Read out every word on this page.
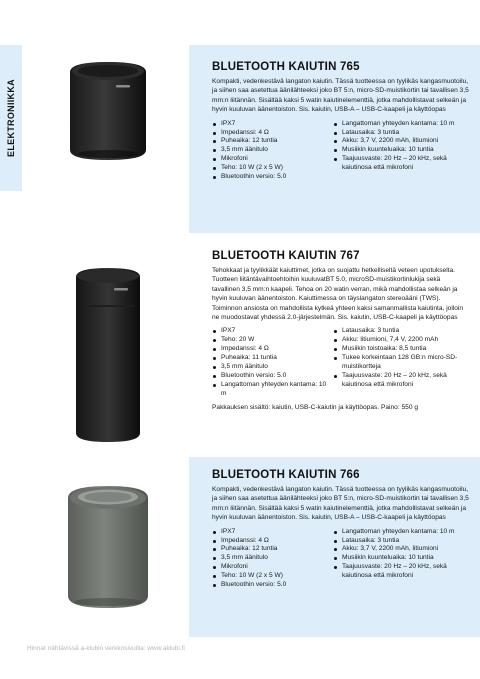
ELEKTRONIIKKA
BLUETOOTH KAIUTIN 765

Kompakti, vedenkestävä langaton kaiutin. Tässä tuotteessa on tyylikäs kangasmuotoilu, ja siihen saa asetettua äänilähteeksi joko BT 5:n, micro-SD-muistikortin tai tavallisen 3,5 mm:n liitännän. Sisältää kaksi 5 watin kaiutinelementtiä, jotka mahdollistavat selkeän ja hyvin kuuluvan äänentoiston. Sis. kaiutin, USB-A – USB-C-kaapeli ja käyttöopas

IPX7
Impedanssi: 4 Ω
Puheaika: 12 tuntia
3,5 mm äänitulo
Mikrofoni
Teho: 10 W (2 x 5 W)
Bluetoothin versio: 5.0
Langattoman yhteyden kantama: 10 m
Latausaika: 3 tuntia
Akku: 3,7 V, 2200 mAh, litiumioni
Musiikin kuunteluaika: 10 tuntia
Taajuusvaste: 20 Hz – 20 kHz, sekä kaiutinosa että mikrofoni
BLUETOOTH KAIUTIN 767

Tehokkaat ja tyylikkäät kaiuttimet, jotka on suojattu hetkelliseltä veteen upotukselta. Tuotteen liitäntävaihtoehtoihin kuuluvatBT 5.0, microSD-muistikortinlukija sekä tavallinen 3,5 mm:n kaapeli. Tehoa on 20 watin verran, mikä mahdollistaa selkeän ja hyvin kuuluvan äänentoiston. Kaiuttimessa on täyslangaton stereoääni (TWS). Toiminnon ansiosta on mahdollista kytkeä yhteen kaksi samanmallista kaiutinta, jolloin ne muodostavat yhdessä 2.0-järjestelmän. Sis. kaiutin, USB-C-kaapeli ja käyttöopas

IPX7
Teho: 20 W
Impedanssi: 4 Ω
Puheaika: 11 tuntia
3,5 mm äänitulo
Bluetoothin versio: 5.0
Langattoman yhteyden kantama: 10 m
Latausaika: 3 tuntia
Akku: litiumioni, 7,4 V, 2200 mAh
Musiikin toistoaika: 8,5 tuntia
Tukee korkeintaan 128 GB:n micro-SD-muistikortteja
Taajuusvaste: 20 Hz – 20 kHz, sekä kaiutinosa että mikrofoni
Pakkauksen sisältö: kaiutin, USB-C-kaiutin ja käyttöopas. Paino: 550 g
BLUETOOTH KAIUTIN 766

Kompakti, vedenkestävä langaton kaiutin. Tässä tuotteessa on tyylikäs kangasmuotoilu, ja siihen saa asetettua äänilähteeksi joko BT 5:n, micro-SD-muistikortin tai tavallisen 3,5 mm:n liitännän. Sisältää kaksi 5 watin kaiutinelementtiä, jotka mahdollistavat selkeän ja hyvin kuuluvan äänentoiston. Sis. kaiutin, USB-A – USB-C-kaapeli ja käyttöopas

IPX7
Impedanssi: 4 Ω
Puheaika: 12 tuntia
3,5 mm äänitulo
Mikrofoni
Teho: 10 W (2 x 5 W)
Bluetoothin versio: 5.0
Langattoman yhteyden kantama: 10 m
Latausaika: 3 tuntia
Akku: 3,7 V, 2200 mAh, litiumioni
Musiikin kuunteluaika: 10 tuntia
Taajuusvaste: 20 Hz – 20 kHz, sekä kaiutinosa että mikrofoni
Hinnat nähtävissä a-klubin verkkosivuilla: www.aklubi.fi
